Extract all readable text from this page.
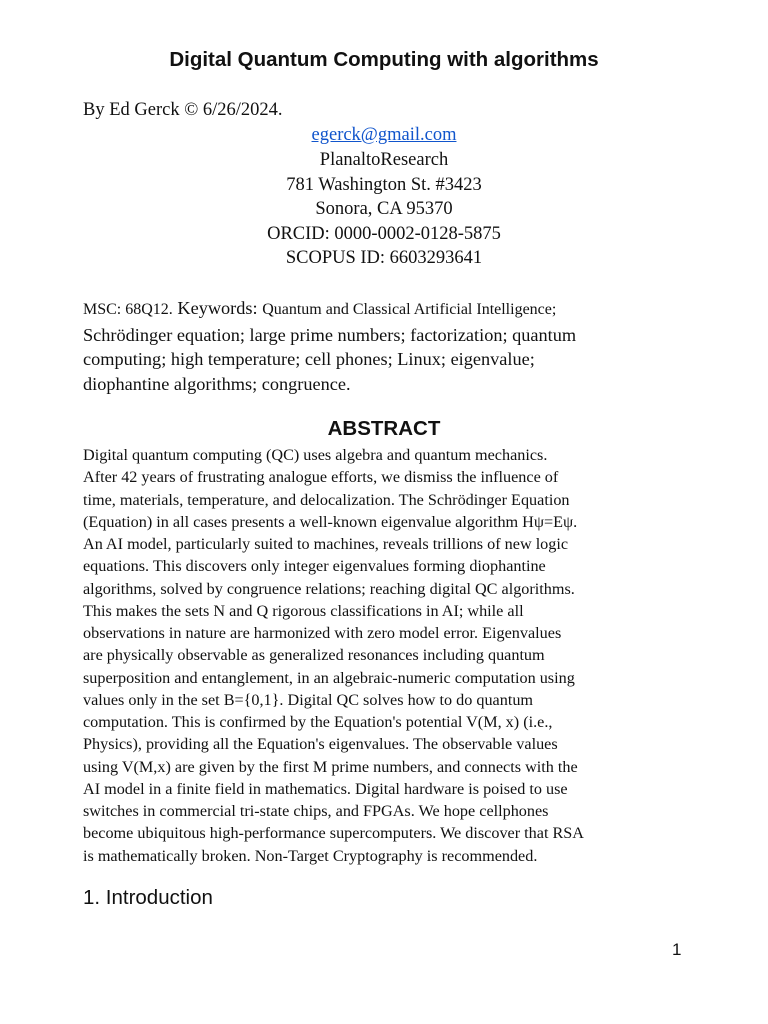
Digital Quantum Computing with algorithms
By Ed Gerck © 6/26/2024.
egerck@gmail.com
PlanaltoResearch
781 Washington St. #3423
Sonora, CA 95370
ORCID: 0000-0002-0128-5875
SCOPUS ID: 6603293641
MSC: 68Q12. Keywords: Quantum and Classical Artificial Intelligence;
Schrödinger equation; large prime numbers; factorization; quantum
computing; high temperature; cell phones; Linux; eigenvalue;
diophantine algorithms; congruence.
ABSTRACT
Digital quantum computing (QC) uses algebra and quantum mechanics.
After 42 years of frustrating analogue efforts, we dismiss the influence of
time, materials, temperature, and delocalization. The Schrödinger Equation
(Equation) in all cases presents a well-known eigenvalue algorithm Hψ=Eψ.
An AI model, particularly suited to machines, reveals trillions of new logic
equations. This discovers only integer eigenvalues forming diophantine
algorithms, solved by congruence relations; reaching digital QC algorithms.
This makes the sets N and Q rigorous classifications in AI; while all
observations in nature are harmonized with zero model error. Eigenvalues
are physically observable as generalized resonances including quantum
superposition and entanglement, in an algebraic-numeric computation using
values only in the set B={0,1}. Digital QC solves how to do quantum
computation. This is confirmed by the Equation's potential V(M, x) (i.e.,
Physics), providing all the Equation's eigenvalues. The observable values
using V(M,x) are given by the first M prime numbers, and connects with the
AI model in a finite field in mathematics. Digital hardware is poised to use
switches in commercial tri-state chips, and FPGAs. We hope cellphones
become ubiquitous high-performance supercomputers. We discover that RSA
is mathematically broken. Non-Target Cryptography is recommended.
1. Introduction
1
